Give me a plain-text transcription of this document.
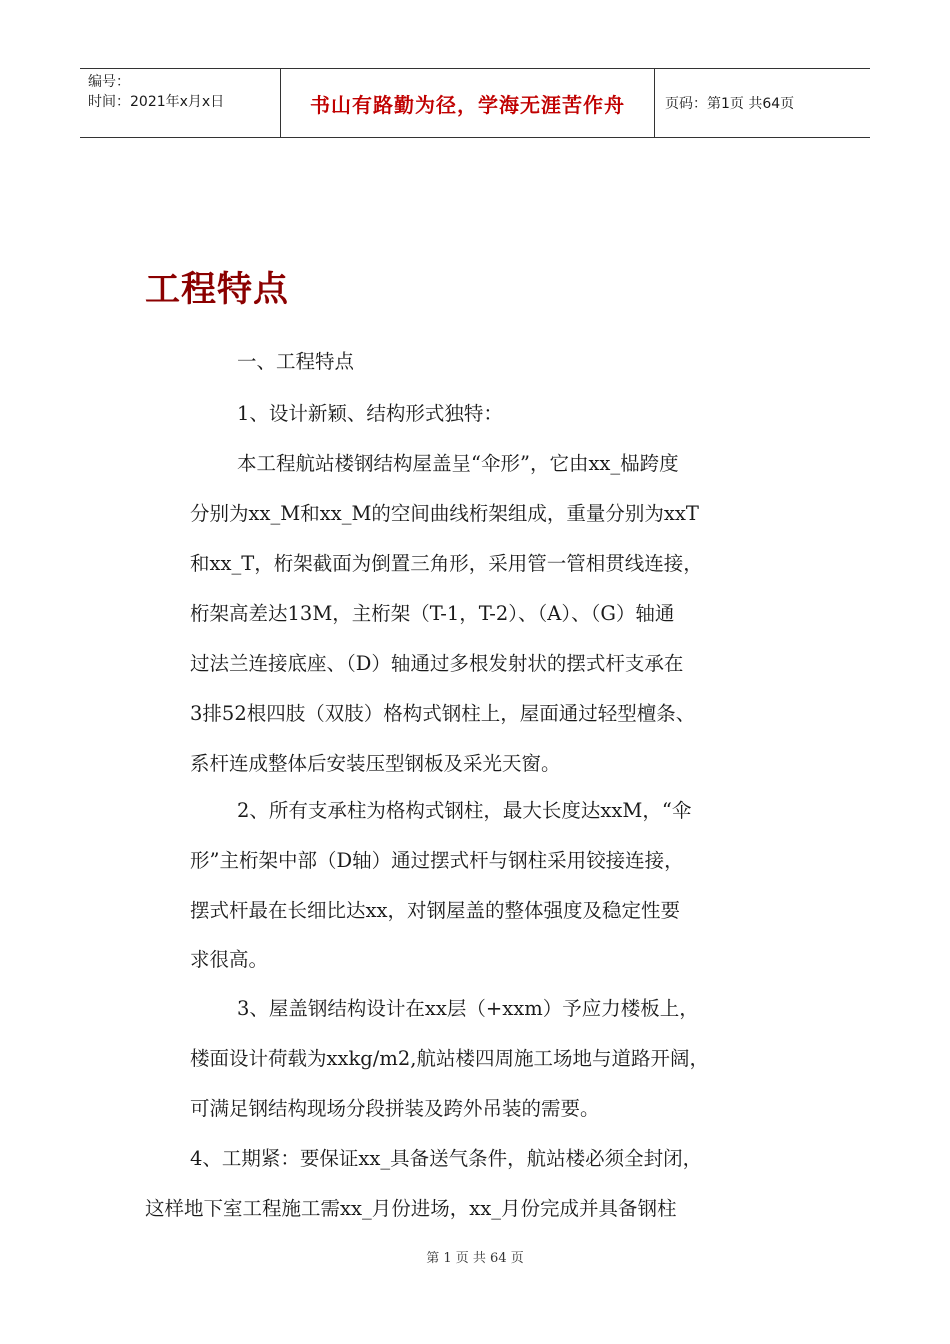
编号：
时间：2021年x月x日	书山有路勤为径，学海无涯苦作舟	页码：第1页 共64页
工程特点
一、工程特点
1、设计新颖、结构形式独特：
本工程航站楼钢结构屋盖呈“伞形”，它由xx_榀跨度
分别为xx_M和xx_M的空间曲线桁架组成，重量分别为xxT
和xx_T，桁架截面为倒置三角形，采用管一管相贯线连接，
桁架高差达13M，主桁架（T-1，T-2）、（A）、（G）轴通
过法兰连接底座、（D）轴通过多根发射状的摆式杆支承在
3排52根四肢（双肢）格构式钢柱上，屋面通过轻型檀条、
系杆连成整体后安装压型钢板及采光天窗。
2、所有支承柱为格构式钢柱，最大长度达xxM，“伞
形”主桁架中部（D轴）通过摆式杆与钢柱采用铰接连接，
摆式杆最在长细比达xx，对钢屋盖的整体强度及稳定性要
求很高。
3、屋盖钢结构设计在xx层（+xxm）予应力楼板上，
楼面设计荷载为xxkg/m2,航站楼四周施工场地与道路开阔，
可满足钢结构现场分段拼装及跨外吊装的需要。
4、工期紧：要保证xx_具备送气条件，航站楼必须全封闭，
这样地下室工程施工需xx_月份进场，xx_月份完成并具备钢柱
第 1 页 共 64 页
